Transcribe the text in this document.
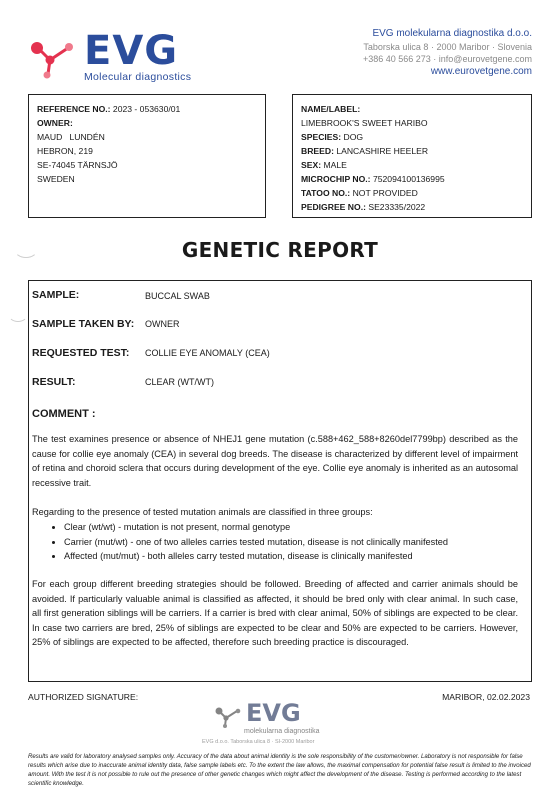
EVG
Molecular diagnostics
EVG molekularna diagnostika d.o.o.
Taborska ulica 8 · 2000 Maribor · Slovenia
+386 40 566 273 · info@eurovetgene.com
www.eurovetgene.com
REFERENCE NO.: 2023 - 053630/01
OWNER:
MAUD   LUNDÉN
HEBRON, 219
SE-74045 TÄRNSJÖ
SWEDEN
NAME/LABEL:
LIMEBROOK'S SWEET HARIBO
SPECIES: DOG
BREED: LANCASHIRE HEELER
SEX: MALE
MICROCHIP NO.: 752094100136995
TATOO NO.: NOT PROVIDED
PEDIGREE NO.: SE23335/2022
GENETIC REPORT
SAMPLE:	BUCCAL SWAB
SAMPLE TAKEN BY: OWNER
REQUESTED TEST: COLLIE EYE ANOMALY (CEA)
RESULT:	CLEAR (WT/WT)
COMMENT :
The test examines presence or absence of NHEJ1 gene mutation (c.588+462_588+8260del7799bp) described as the cause for collie eye anomaly (CEA) in several dog breeds. The disease is characterized by different level of impairment of retina and choroid sclera that occurs during development of the eye. Collie eye anomaly is inherited as an autosomal recessive trait.
Regarding to the presence of tested mutation animals are classified in three groups:
• Clear (wt/wt) - mutation is not present, normal genotype
• Carrier (mut/wt) - one of two alleles carries tested mutation, disease is not clinically manifested
• Affected (mut/mut) - both alleles carry tested mutation, disease is clinically manifested
For each group different breeding strategies should be followed. Breeding of affected and carrier animals should be avoided. If particularly valuable animal is classified as affected, it should be bred only with clear animal. In such case, all first generation siblings will be carriers. If a carrier is bred with clear animal, 50% of siblings are expected to be clear. In case two carriers are bred, 25% of siblings are expected to be clear and 50% are expected to be carriers. However, 25% of siblings are expected to be affected, therefore such breeding practice is discouraged.
AUTHORIZED SIGNATURE:	MARIBOR, 02.02.2023
EVG
molekularna diagnostika
EVG d.o.o. Taborska ulica 8 · SI-2000 Maribor
Results are valid for laboratory analysed samples only. Accuracy of the data about animal identity is the sole responsibility of the customer/owner. Laboratory is not responsible for false results which arise due to inaccurate animal identity data, false sample labels etc. To the extent the law allows, the maximal compensation for potential false result is limited to the invoiced amount. With the test it is not possible to rule out the presence of other genetic changes which might affect the development of the disease. Testing is performed according to the latest scientific knowledge.
